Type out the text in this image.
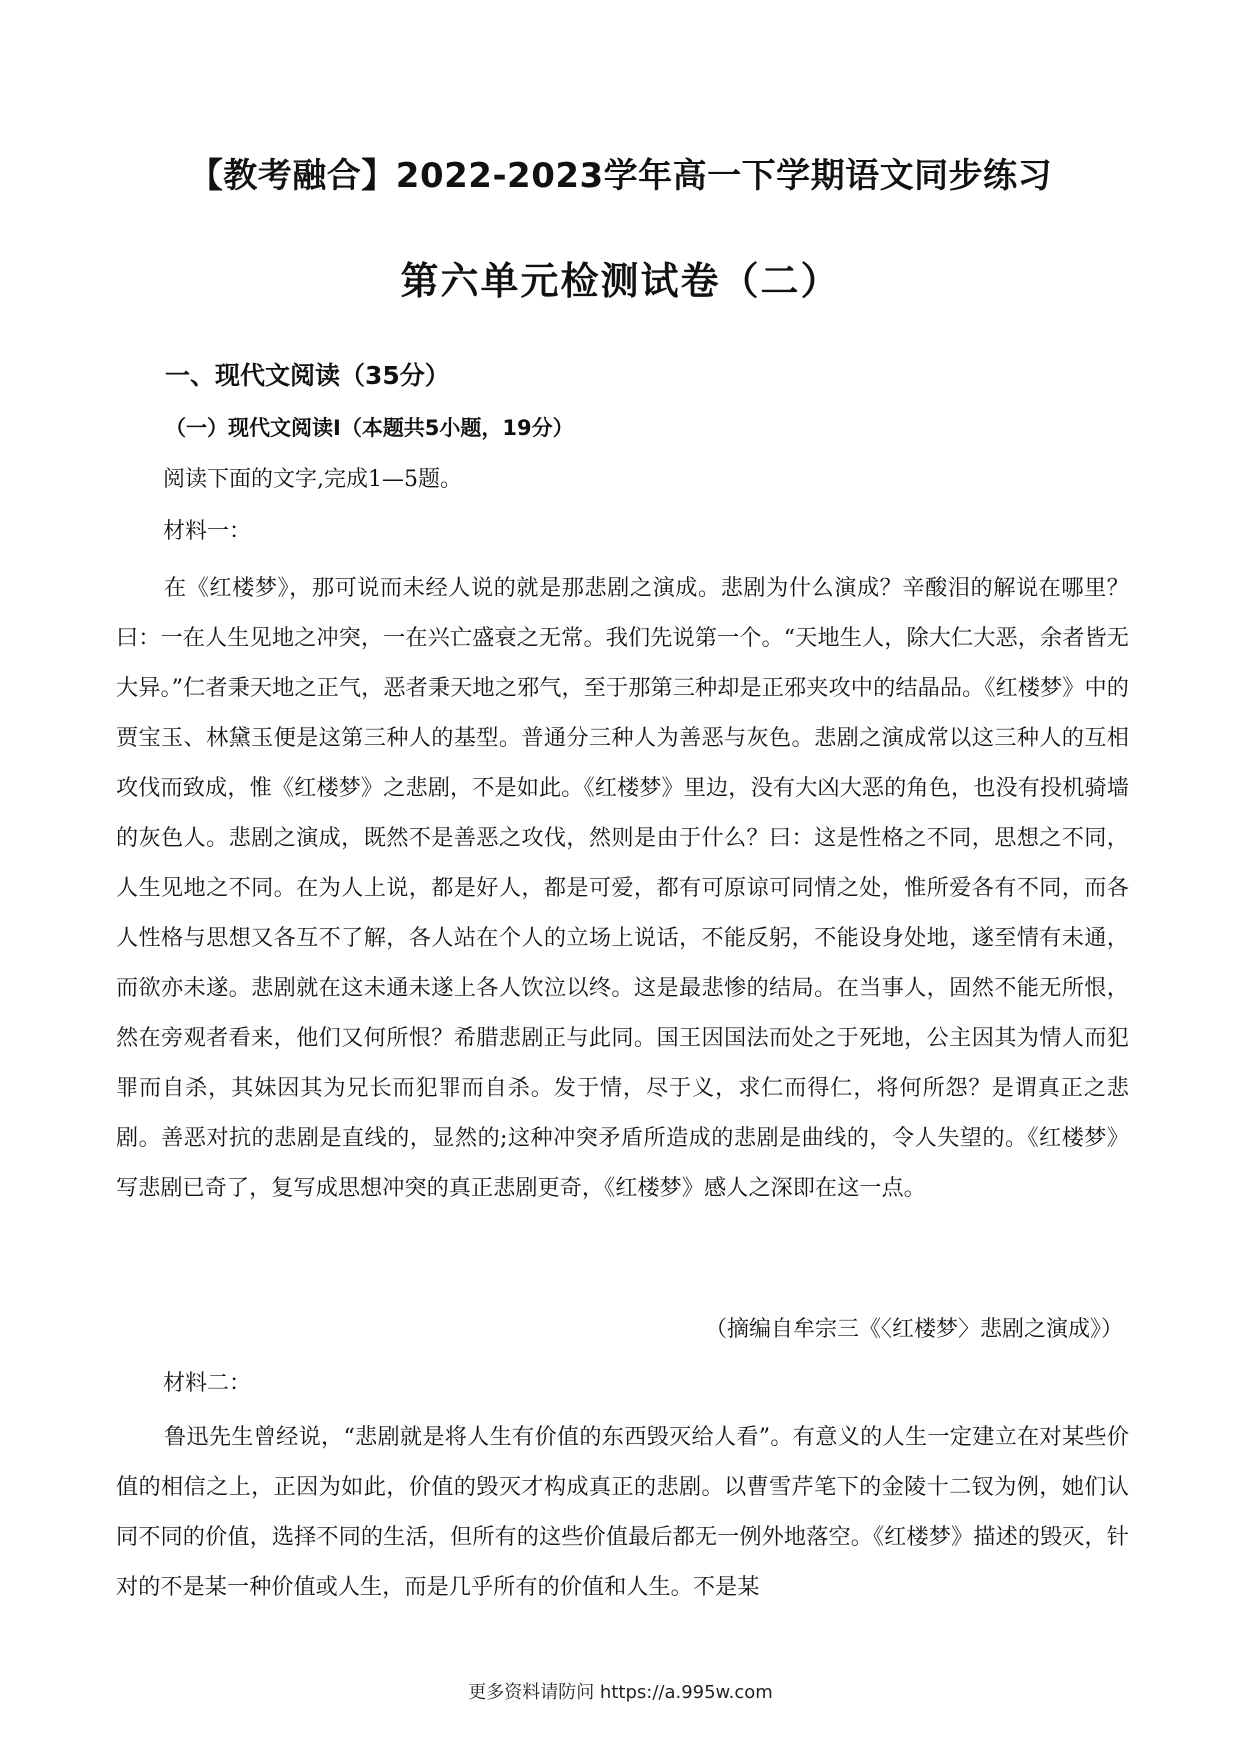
【教考融合】2022-2023学年高一下学期语文同步练习
第六单元检测试卷（二）
一、现代文阅读（35分）
（一）现代文阅读Ⅰ（本题共5小题，19分）
阅读下面的文字,完成1—5题。
材料一：

在《红楼梦》，那可说而未经人说的就是那悲剧之演成。悲剧为什么演成？辛酸泪的解说在哪里？曰：一在人生见地之冲突，一在兴亡盛衰之无常。我们先说第一个。“天地生人，除大仁大恶，余者皆无大异。”仁者秉天地之正气，恶者秉天地之邪气，至于那第三种却是正邪夹攻中的结晶品。《红楼梦》中的贾宝玉、林黛玉便是这第三种人的基型。普通分三种人为善恶与灰色。悲剧之演成常以这三种人的互相攻伐而致成，惟《红楼梦》之悲剧，不是如此。《红楼梦》里边，没有大凶大恶的角色，也没有投机骑墙的灰色人。悲剧之演成，既然不是善恶之攻伐，然则是由于什么？曰：这是性格之不同，思想之不同，人生见地之不同。在为人上说，都是好人，都是可爱，都有可原谅可同情之处，惟所爱各有不同，而各人性格与思想又各互不了解，各人站在个人的立场上说话，不能反躬，不能设身处地，遂至情有未通，而欲亦未遂。悲剧就在这未通未遂上各人饮泣以终。这是最悲惨的结局。在当事人，固然不能无所恨，然在旁观者看来，他们又何所恨？希腊悲剧正与此同。国王因国法而处之于死地，公主因其为情人而犯罪而自杀，其妹因其为兄长而犯罪而自杀。发于情，尽于义，求仁而得仁，将何所怨？是谓真正之悲剧。善恶对抗的悲剧是直线的，显然的;这种冲突矛盾所造成的悲剧是曲线的，令人失望的。《红楼梦》写悲剧已奇了，复写成思想冲突的真正悲剧更奇，《红楼梦》感人之深即在这一点。

（摘编自牟宗三《〈红楼梦〉悲剧之演成》）
材料二：

鲁迅先生曾经说，“悲剧就是将人生有价值的东西毁灭给人看”。有意义的人生一定建立在对某些价值的相信之上，正因为如此，价值的毁灭才构成真正的悲剧。以曹雪芹笔下的金陵十二钗为例，她们认同不同的价值，选择不同的生活，但所有的这些价值最后都无一例外地落空。《红楼梦》描述的毁灭，针对的不是某一种价值或人生，而是几乎所有的价值和人生。不是某

更多资料请防问 https://a.995w.com
